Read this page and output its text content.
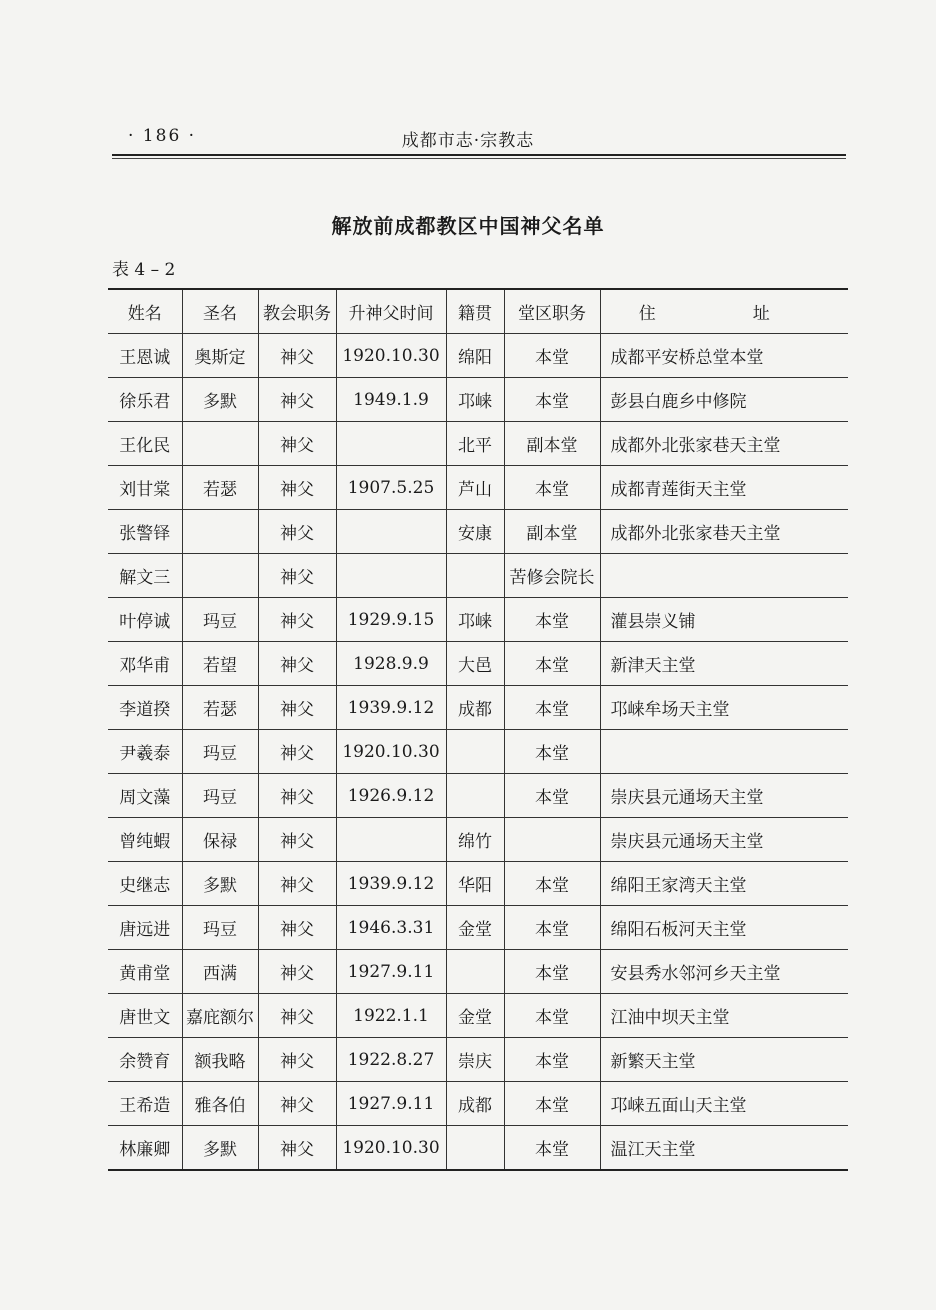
· 186 ·	成都市志·宗教志
解放前成都教区中国神父名单
表 4 – 2
姓名	圣名	教会职务	升神父时间	籍贯	堂区职务	住　址
王恩诚	奥斯定	神父	1920.10.30	绵阳	本堂	成都平安桥总堂本堂
徐乐君	多默	神父	1949.1.9	邛崃	本堂	彭县白鹿乡中修院
王化民		神父		北平	副本堂	成都外北张家巷天主堂
刘甘棠	若瑟	神父	1907.5.25	芦山	本堂	成都青莲街天主堂
张警铎		神父		安康	副本堂	成都外北张家巷天主堂
解文三		神父			苦修会院长	
叶停诚	玛豆	神父	1929.9.15	邛崃	本堂	灌县崇义铺
邓华甫	若望	神父	1928.9.9	大邑	本堂	新津天主堂
李道揆	若瑟	神父	1939.9.12	成都	本堂	邛崃牟场天主堂
尹羲泰	玛豆	神父	1920.10.30		本堂	
周文藻	玛豆	神父	1926.9.12		本堂	崇庆县元通场天主堂
曾纯蝦	保禄	神父		绵竹		崇庆县元通场天主堂
史继志	多默	神父	1939.9.12	华阳	本堂	绵阳王家湾天主堂
唐远进	玛豆	神父	1946.3.31	金堂	本堂	绵阳石板河天主堂
黄甫堂	西满	神父	1927.9.11		本堂	安县秀水邻河乡天主堂
唐世文	嘉庇额尔	神父	1922.1.1	金堂	本堂	江油中坝天主堂
余赞育	额我略	神父	1922.8.27	崇庆	本堂	新繁天主堂
王希造	雅各伯	神父	1927.9.11	成都	本堂	邛崃五面山天主堂
林廉卿	多默	神父	1920.10.30		本堂	温江天主堂
